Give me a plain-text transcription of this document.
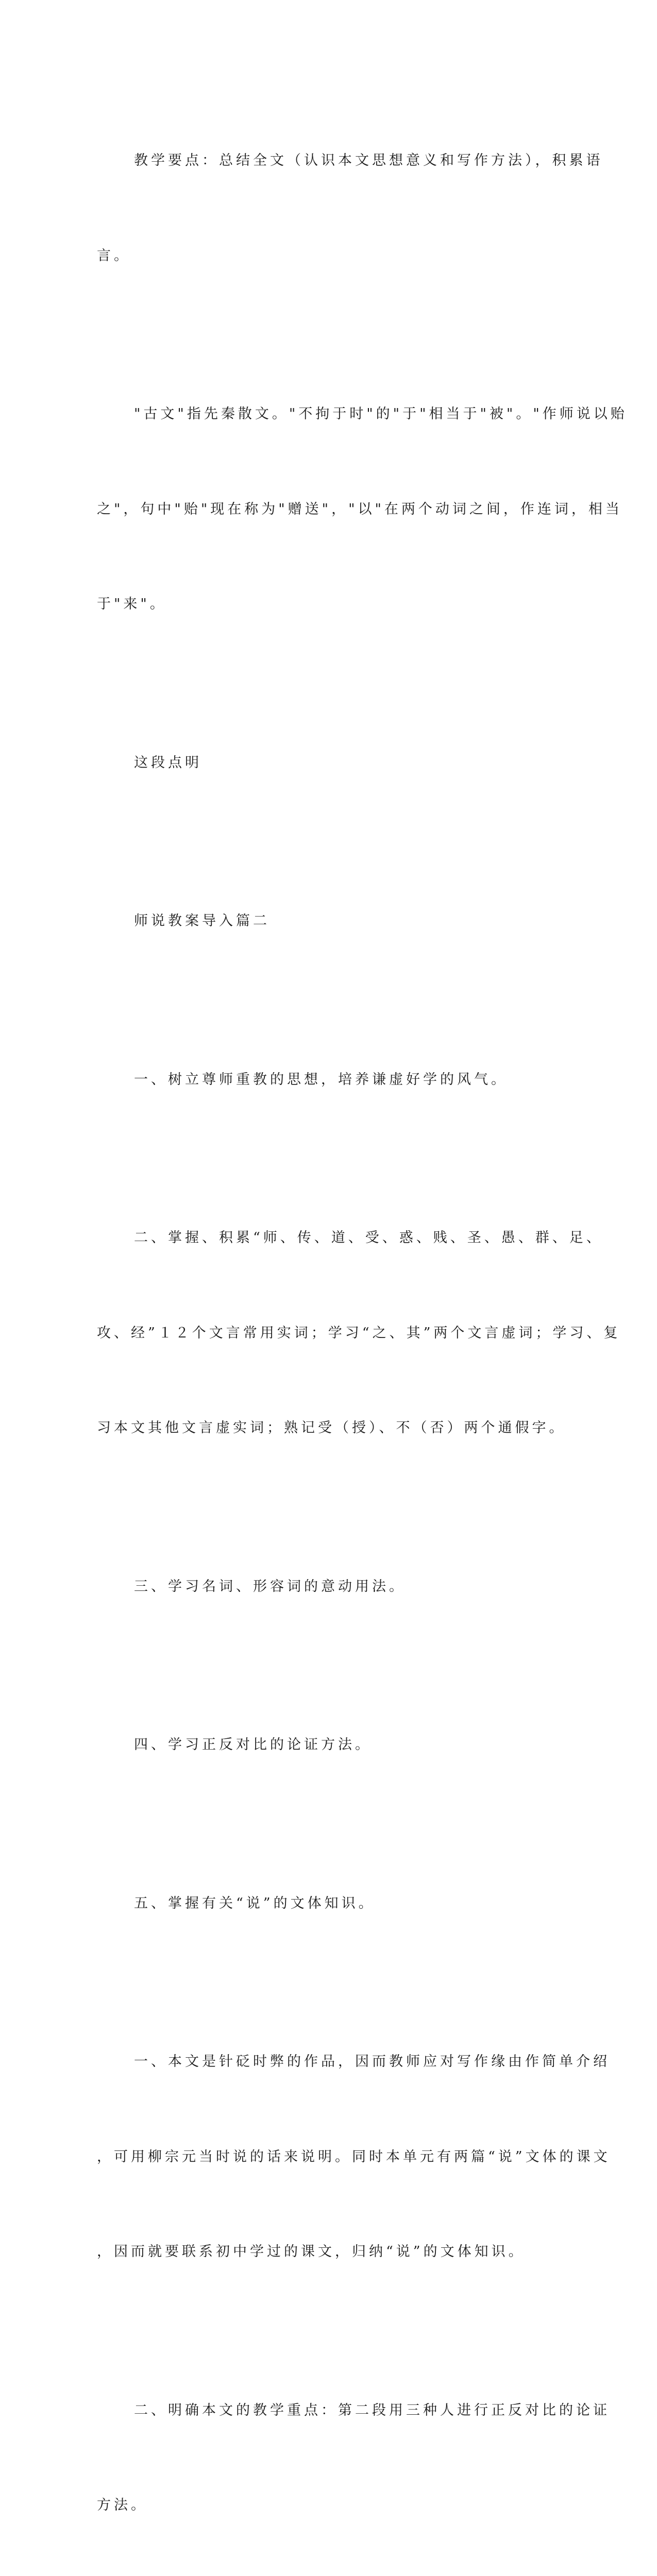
教学要点：总结全文（认识本文思想意义和写作方法），积累语

言。

"古文"指先秦散文。"不拘于时"的"于"相当于"被"。"作师说以贻

之"，句中"贻"现在称为"赠送"，"以"在两个动词之间，作连词，相当

于"来"。

这段点明

师说教案导入篇二

一、树立尊师重教的思想，培养谦虚好学的风气。

二、掌握、积累“师、传、道、受、惑、贱、圣、愚、群、足、

攻、经”１２个文言常用实词；学习“之、其”两个文言虚词；学习、复

习本文其他文言虚实词；熟记受（授）、不（否）两个通假字。

三、学习名词、形容词的意动用法。

四、学习正反对比的论证方法。

五、掌握有关“说”的文体知识。

一、本文是针砭时弊的作品，因而教师应对写作缘由作简单介绍

，可用柳宗元当时说的话来说明。同时本单元有两篇“说”文体的课文

，因而就要联系初中学过的课文，归纳“说”的文体知识。

二、明确本文的教学重点：第二段用三种人进行正反对比的论证

方法。
